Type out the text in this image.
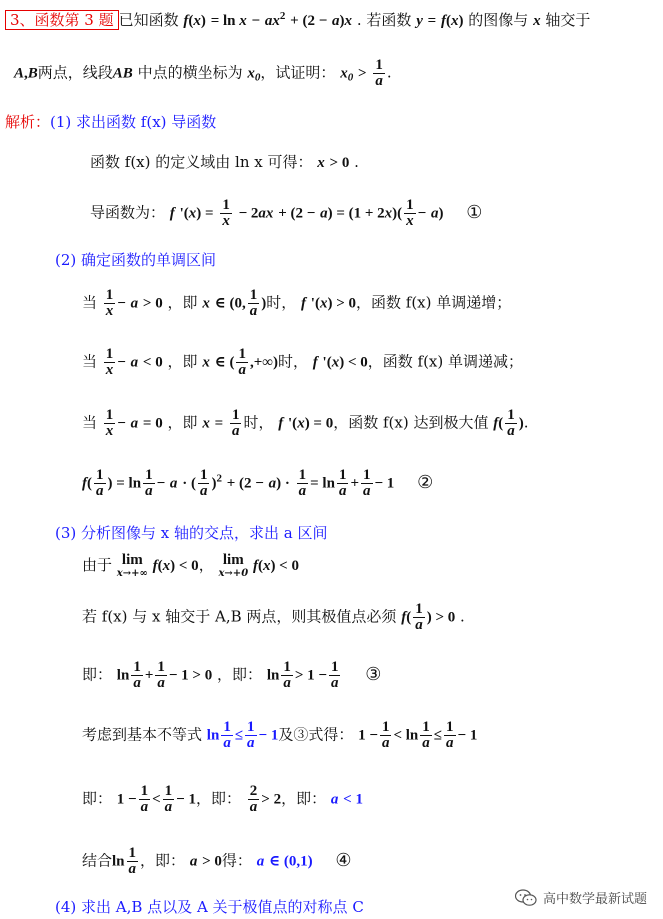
3、函数第 3 题 已知函数 $f(x) = \ln x - ax^2 + (2 - a)x$ . 若函数 y = f(x) 的图像与 x 轴交于
A,B两点，线段AB 中点的横坐标为 $x_0$，试证明： $x_0 > \frac{1}{a}$ .
解析：(1) 求出函数 f(x) 导函数
函数 f(x) 的定义域由 ln x 可得： x > 0 .
导函数为： f '$(x) = \frac{1}{x} - 2ax + (2 - a) = (1 + 2x)( \frac{1}{x} - a)$ ①
(2) 确定函数的单调区间
当 $\frac{1}{x} - a > 0$ ，即 x ∈ (0, $\frac{1}{a}$ )时， f '(x) > 0，函数 f(x) 单调递增；
当 $\frac{1}{x} - a < 0$ ，即 x ∈ ( $\frac{1}{a}$ ,+∞)时， f '(x) < 0，函数 f(x) 单调递减；
当 $\frac{1}{x} - a = 0$ ，即 $x = \frac{1}{a}$ 时， f '(x) = 0，函数 f(x) 达到极大值 $f( \frac{1}{a}$ ).
$f( \frac{1}{a}$ ) = $\ln \frac{1}{a} - a$ · ( $\frac{1}{a} )^2 + (2 - a) \cdot \frac{1}{a} = \ln \frac{1}{a} + \frac{1}{a} - 1$ ②
(3) 分析图像与 x 轴的交点，求出 a 区间
由于 lim
x→+∞ f(x) < 0， lim
x→+0 f(x) < 0
若 f(x) 与 x 轴交于 A,B 两点，则其极值点必须 $f( \frac{1}{a}$ ) > 0 .
即： $\ln \frac{1}{a} + \frac{1}{a} - 1 > 0$ ，即： $\ln \frac{1}{a} > 1 - \frac{1}{a}$ ③
考虑到基本不等式 $\ln \frac{1}{a} \le \frac{1}{a} - 1$及③式得： $1 - \frac{1}{a} < \ln \frac{1}{a} \le \frac{1}{a} - 1$
即： $1 - \frac{1}{a} < \frac{1}{a} - 1$，即： $\frac{2}{a} > 2$，即： a < 1
结合$\ln \frac{1}{a}$ ，即： a > 0得： a ∈ (0,1) ④
(4) 求出 A,B 点以及 A 关于极值点的对称点 C	高中数学最新试题
